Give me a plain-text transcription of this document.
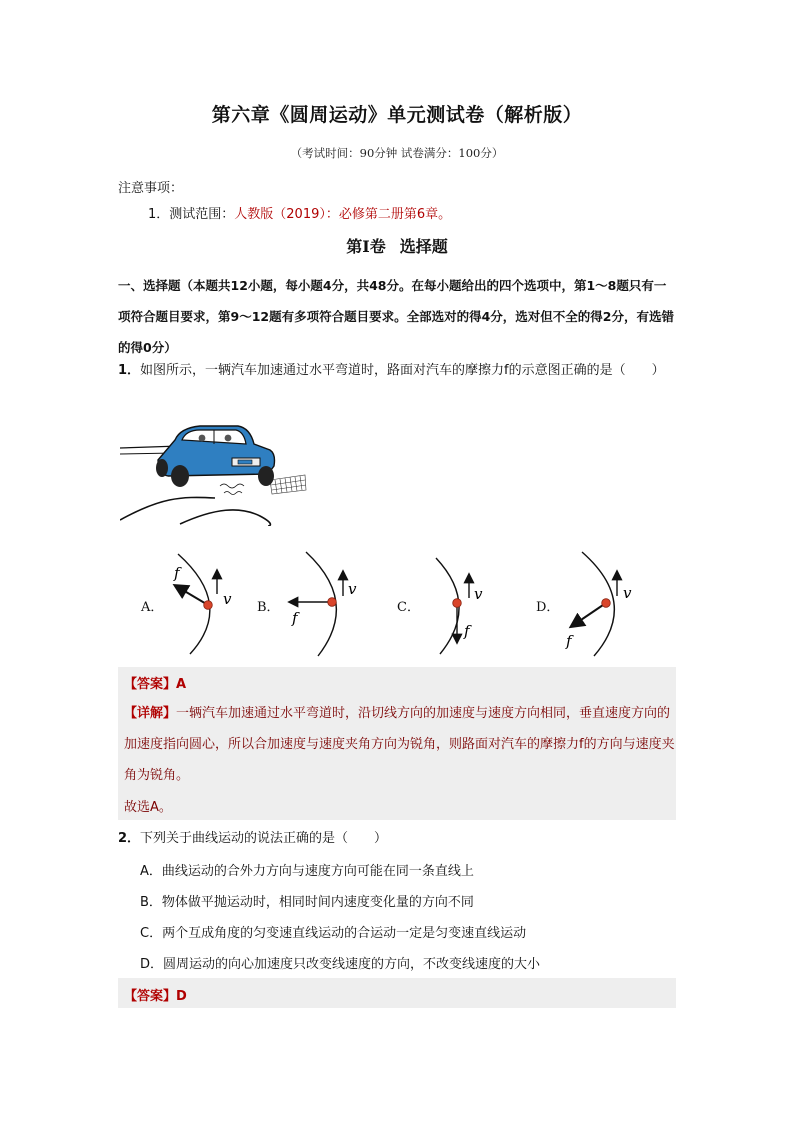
第六章《圆周运动》单元测试卷（解析版）
（考试时间：90分钟 试卷满分：100分）
注意事项：
1．测试范围：人教版（2019）：必修第二册第6章。
第Ⅰ卷 选择题
一、选择题（本题共12小题，每小题4分，共48分。在每小题给出的四个选项中，第1～8题只有一项符合题目要求，第9～12题有多项符合题目要求。全部选对的得4分，选对但不全的得2分，有选错的得0分）
1．如图所示，一辆汽车加速通过水平弯道时，路面对汽车的摩擦力f的示意图正确的是（　　）
A．
f
v B．
f
v
C．
f
v
D．
f
v
【答案】A
【详解】一辆汽车加速通过水平弯道时，沿切线方向的加速度与速度方向相同，垂直速度方向的加速度指向圆心，所以合加速度与速度夹角方向为锐角，则路面对汽车的摩擦力f的方向与速度夹角为锐角。
故选A。
2．下列关于曲线运动的说法正确的是（　　）
A．曲线运动的合外力方向与速度方向可能在同一条直线上
B．物体做平抛运动时，相同时间内速度变化量的方向不同
C．两个互成角度的匀变速直线运动的合运动一定是匀变速直线运动
D．圆周运动的向心加速度只改变线速度的方向，不改变线速度的大小
【答案】D
